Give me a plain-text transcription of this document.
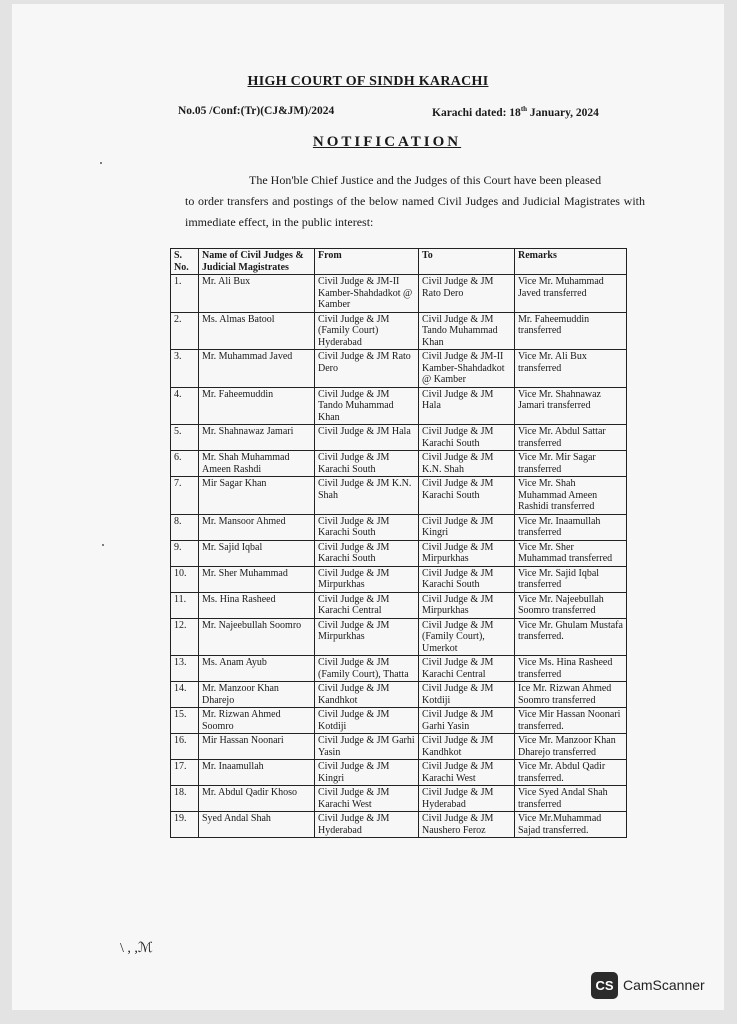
HIGH COURT OF SINDH KARACHI
No.05 /Conf:(Tr)(CJ&JM)/2024	Karachi dated: 18th January, 2024
NOTIFICATION
The Hon'ble Chief Justice and the Judges of this Court have been pleased
to order transfers and postings of the below named Civil Judges and Judicial Magistrates with immediate effect, in the public interest:
S. No.	Name of Civil Judges & Judicial Magistrates	From	To	Remarks
1.	Mr. Ali Bux	Civil Judge & JM-II Kamber-Shahdadkot @ Kamber	Civil Judge & JM Rato Dero	Vice Mr. Muhammad Javed transferred
2.	Ms. Almas Batool	Civil Judge & JM (Family Court) Hyderabad	Civil Judge & JM Tando Muhammad Khan	Mr. Faheemuddin transferred
3.	Mr. Muhammad Javed	Civil Judge & JM Rato Dero	Civil Judge & JM-II Kamber-Shahdadkot @ Kamber	Vice Mr. Ali Bux transferred
4.	Mr. Faheemuddin	Civil Judge & JM Tando Muhammad Khan	Civil Judge & JM Hala	Vice Mr. Shahnawaz Jamari transferred
5.	Mr. Shahnawaz Jamari	Civil Judge & JM Hala	Civil Judge & JM Karachi South	Vice Mr. Abdul Sattar transferred
6.	Mr. Shah Muhammad Ameen Rashdi	Civil Judge & JM Karachi South	Civil Judge & JM K.N. Shah	Vice Mr. Mir Sagar transferred
7.	Mir Sagar Khan	Civil Judge & JM K.N. Shah	Civil Judge & JM Karachi South	Vice Mr. Shah Muhammad Ameen Rashidi transferred
8.	Mr. Mansoor Ahmed	Civil Judge & JM Karachi South	Civil Judge & JM Kingri	Vice Mr. Inaamullah transferred
9.	Mr. Sajid Iqbal	Civil Judge & JM Karachi South	Civil Judge & JM Mirpurkhas	Vice Mr. Sher Muhammad transferred
10.	Mr. Sher Muhammad	Civil Judge & JM Mirpurkhas	Civil Judge & JM Karachi South	Vice Mr. Sajid Iqbal transferred
11.	Ms. Hina Rasheed	Civil Judge & JM Karachi Central	Civil Judge & JM Mirpurkhas	Vice Mr. Najeebullah Soomro transferred
12.	Mr. Najeebullah Soomro	Civil Judge & JM Mirpurkhas	Civil Judge & JM (Family Court), Umerkot	Vice Mr. Ghulam Mustafa transferred.
13.	Ms. Anam Ayub	Civil Judge & JM (Family Court), Thatta	Civil Judge & JM Karachi Central	Vice Ms. Hina Rasheed transferred
14.	Mr. Manzoor Khan Dharejo	Civil Judge & JM Kandhkot	Civil Judge & JM Kotdiji	Ice Mr. Rizwan Ahmed Soomro transferred
15.	Mr. Rizwan Ahmed Soomro	Civil Judge & JM Kotdiji	Civil Judge & JM Garhi Yasin	Vice Mir Hassan Noonari transferred.
16.	Mir Hassan Noonari	Civil Judge & JM Garhi Yasin	Civil Judge & JM Kandhkot	Vice Mr. Manzoor Khan Dharejo transferred
17.	Mr. Inaamullah	Civil Judge & JM Kingri	Civil Judge & JM Karachi West	Vice Mr. Abdul Qadir transferred.
18.	Mr. Abdul Qadir Khoso	Civil Judge & JM Karachi West	Civil Judge & JM Hyderabad	Vice Syed Andal Shah transferred
19.	Syed Andal Shah	Civil Judge & JM Hyderabad	Civil Judge & JM Naushero Feroz	Vice Mr.Muhammad Sajad transferred.
\ , ,ℳ
CS CamScanner
